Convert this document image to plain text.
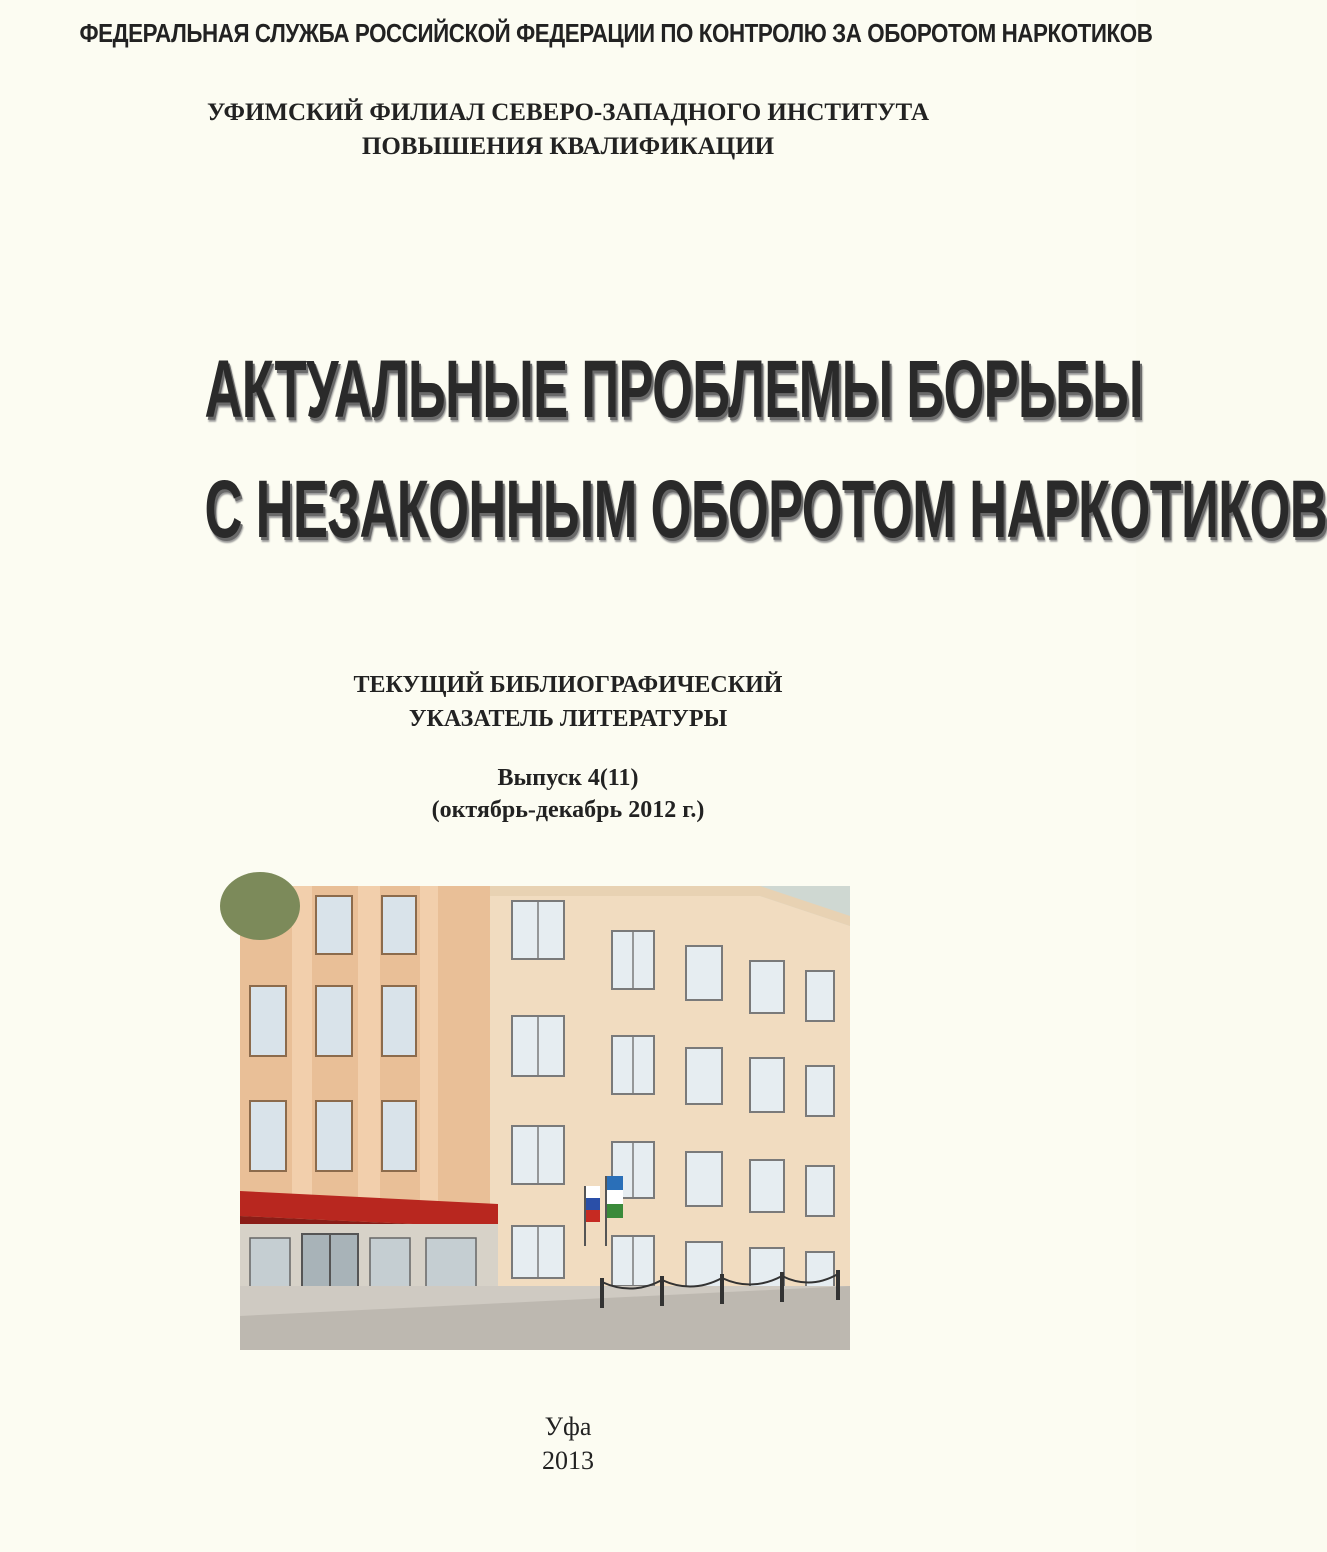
ФЕДЕРАЛЬНАЯ СЛУЖБА РОССИЙСКОЙ ФЕДЕРАЦИИ ПО КОНТРОЛЮ ЗА ОБОРОТОМ НАРКОТИКОВ
УФИМСКИЙ ФИЛИАЛ СЕВЕРО-ЗАПАДНОГО ИНСТИТУТА
ПОВЫШЕНИЯ КВАЛИФИКАЦИИ
АКТУАЛЬНЫЕ ПРОБЛЕМЫ БОРЬБЫ
С НЕЗАКОННЫМ ОБОРОТОМ НАРКОТИКОВ
ТЕКУЩИЙ БИБЛИОГРАФИЧЕСКИЙ
УКАЗАТЕЛЬ ЛИТЕРАТУРЫ
Выпуск 4(11)
(октябрь-декабрь 2012 г.)
Уфа
2013
